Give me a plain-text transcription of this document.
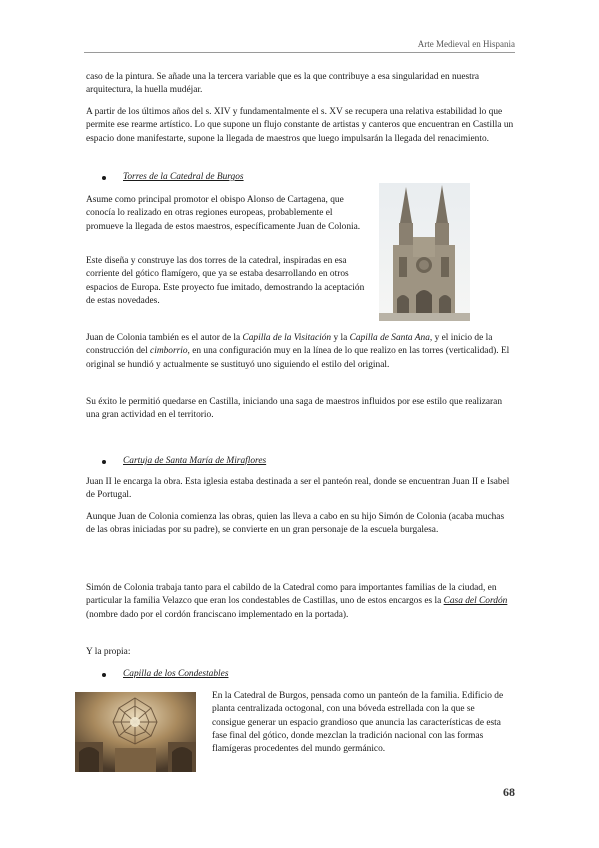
Arte Medieval en Hispania

caso de la pintura. Se añade una la tercera variable que es la que contribuye a esa singularidad en nuestra arquitectura, la huella mudéjar.

A partir de los últimos años del s. XIV y fundamentalmente el s. XV se recupera una relativa estabilidad lo que permite ese rearme artístico. Lo que supone un flujo constante de artistas y canteros que encuentran en Castilla un espacio done manifestarte, supone la llegada de maestros que luego impulsarán la llegada del renacimiento.

Torres de la Catedral de Burgos

Asume como principal promotor el obispo Alonso de Cartagena, que conocía lo realizado en otras regiones europeas, probablemente el promueve la llegada de estos maestros, específicamente Juan de Colonia.

Este diseña y construye las dos torres de la catedral, inspiradas en esa corriente del gótico flamígero, que ya se estaba desarrollando en otros espacios de Europa. Este proyecto fue imitado, demostrando la aceptación de estas novedades.

Juan de Colonia también es el autor de la Capilla de la Visitación y la Capilla de Santa Ana, y el inicio de la construcción del cimborrio, en una configuración muy en la línea de lo que realizo en las torres (verticalidad). El original se hundió y actualmente se sustituyó uno siguiendo el estilo del original.

Su éxito le permitió quedarse en Castilla, iniciando una saga de maestros influidos por ese estilo que realizaran una gran actividad en el territorio.

Cartuja de Santa María de Miraflores

Juan II le encarga la obra. Esta iglesia estaba destinada a ser el panteón real, donde se encuentran Juan II e Isabel de Portugal.

Aunque Juan de Colonia comienza las obras, quien las lleva a cabo en su hijo Simón de Colonia (acaba muchas de las obras iniciadas por su padre), se convierte en un gran personaje de la escuela burgalesa.

Simón de Colonia trabaja tanto para el cabildo de la Catedral como para importantes familias de la ciudad, en particular la familia Velazco que eran los condestables de Castillas, uno de estos encargos es la Casa del Cordón (nombre dado por el cordón franciscano implementado en la portada).

Y la propia:

Capilla de los Condestables

En la Catedral de Burgos, pensada como un panteón de la familia. Edificio de planta centralizada octogonal, con una bóveda estrellada con la que se consigue generar un espacio grandioso que anuncia las características de esta fase final del gótico, donde mezclan la tradición nacional con las formas flamígeras procedentes del mundo germánico.

68
